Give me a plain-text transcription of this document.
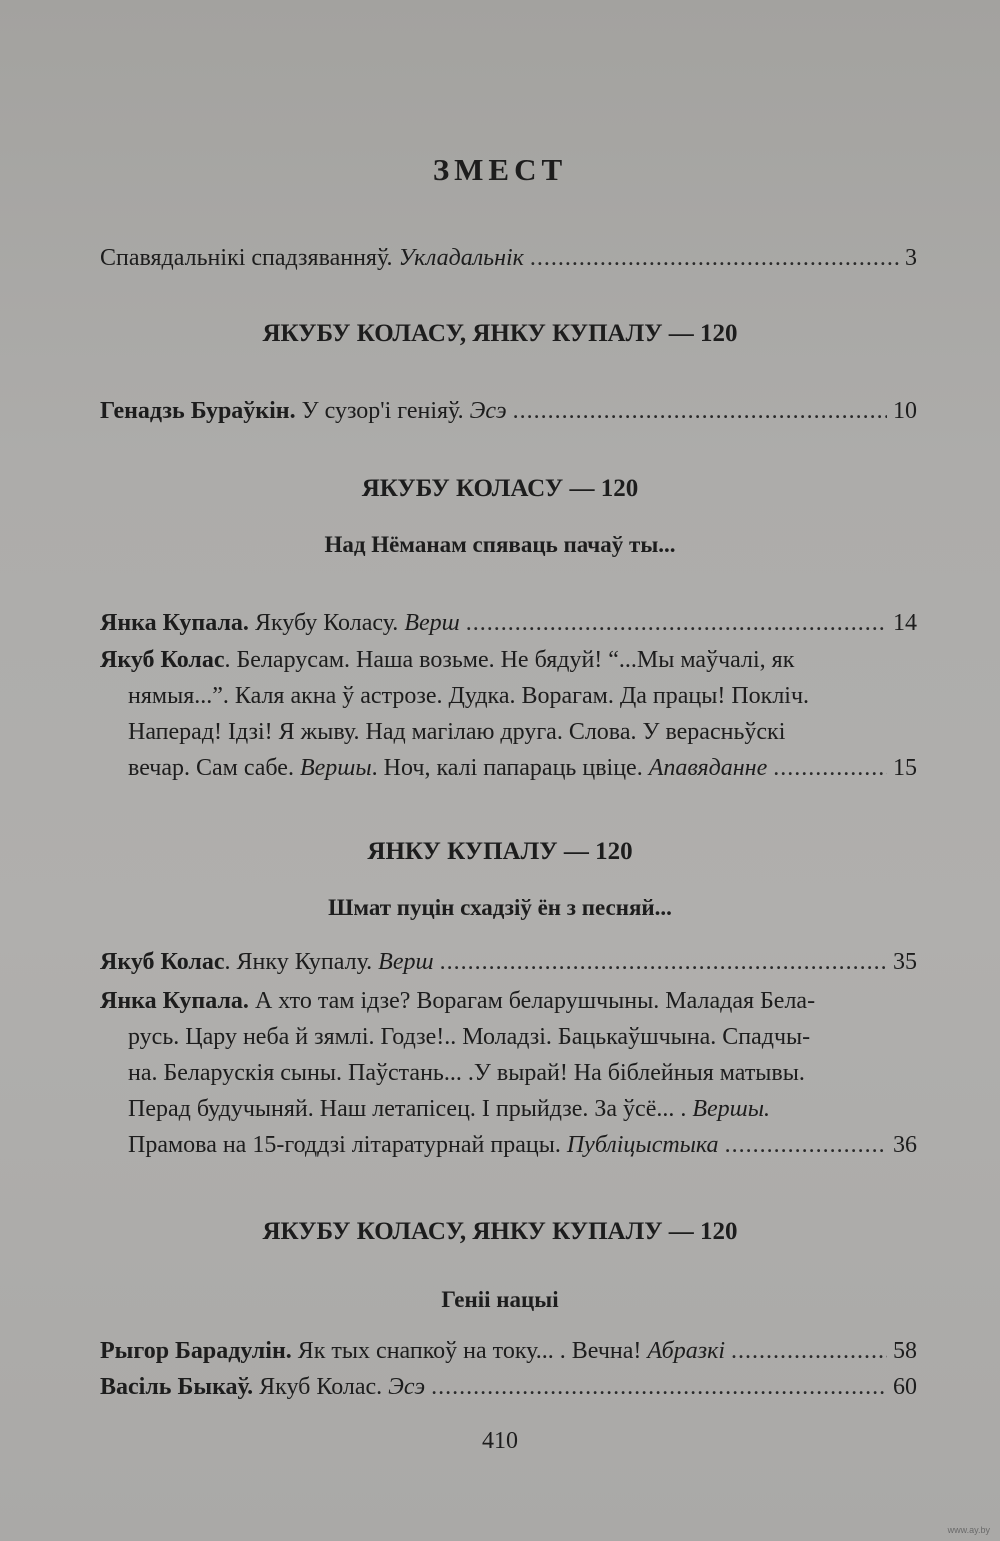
ЗМЕСТ
Спавядальнікі спадзяванняў.
Укладальнік .....	3
ЯКУБУ КОЛАСУ, ЯНКУ КУПАЛУ — 120
Генадзь Бураўкін.
У сузор'і геніяў.
Эсэ .....	10
ЯКУБУ КОЛАСУ — 120
Над Нёманам спяваць пачаў ты...
Янка Купала.
Якубу Коласу.
Верш .....	14
Якуб Колас. Беларусам. Наша возьме. Не бядуй! “...Мы маўчалі, як
нямыя...”. Каля акна ў астрозе. Дудка. Ворагам. Да працы! Покліч.
Наперад! Ідзі! Я жыву. Над магілаю друга. Слова. У верасньўскі
вечар. Сам сабе.
Вершы . Ноч, калі папараць цвіце.
Апавяданне .....	15
ЯНКУ КУПАЛУ — 120
Шмат пуцін схадзіў ён з песняй...
Якуб Колас . Янку Купалу.
Верш .....	35
Янка Купала. А хто там ідзе? Ворагам беларушчыны. Маладая Бела-
русь. Цару неба й зямлі. Годзе!.. Моладзі. Бацькаўшчына. Спадчы-
на. Беларускія сыны. Паўстань... .У вырай! На біблейныя матывы.
Перад будучыняй. Наш летапісец. І прыйдзе. За ўсё... . Вершы.
Прамова на 15-годдзі літаратурнай працы.
Публіцыстыка .....	36
ЯКУБУ КОЛАСУ, ЯНКУ КУПАЛУ — 120
Геніі нацыі
Рыгор Барадулін.
Як тых снапкоў на току... . Вечна!
Абразкі .....	58
Васіль Быкаў.
Якуб Колас.
Эсэ .....	60
410
www.ay.by
